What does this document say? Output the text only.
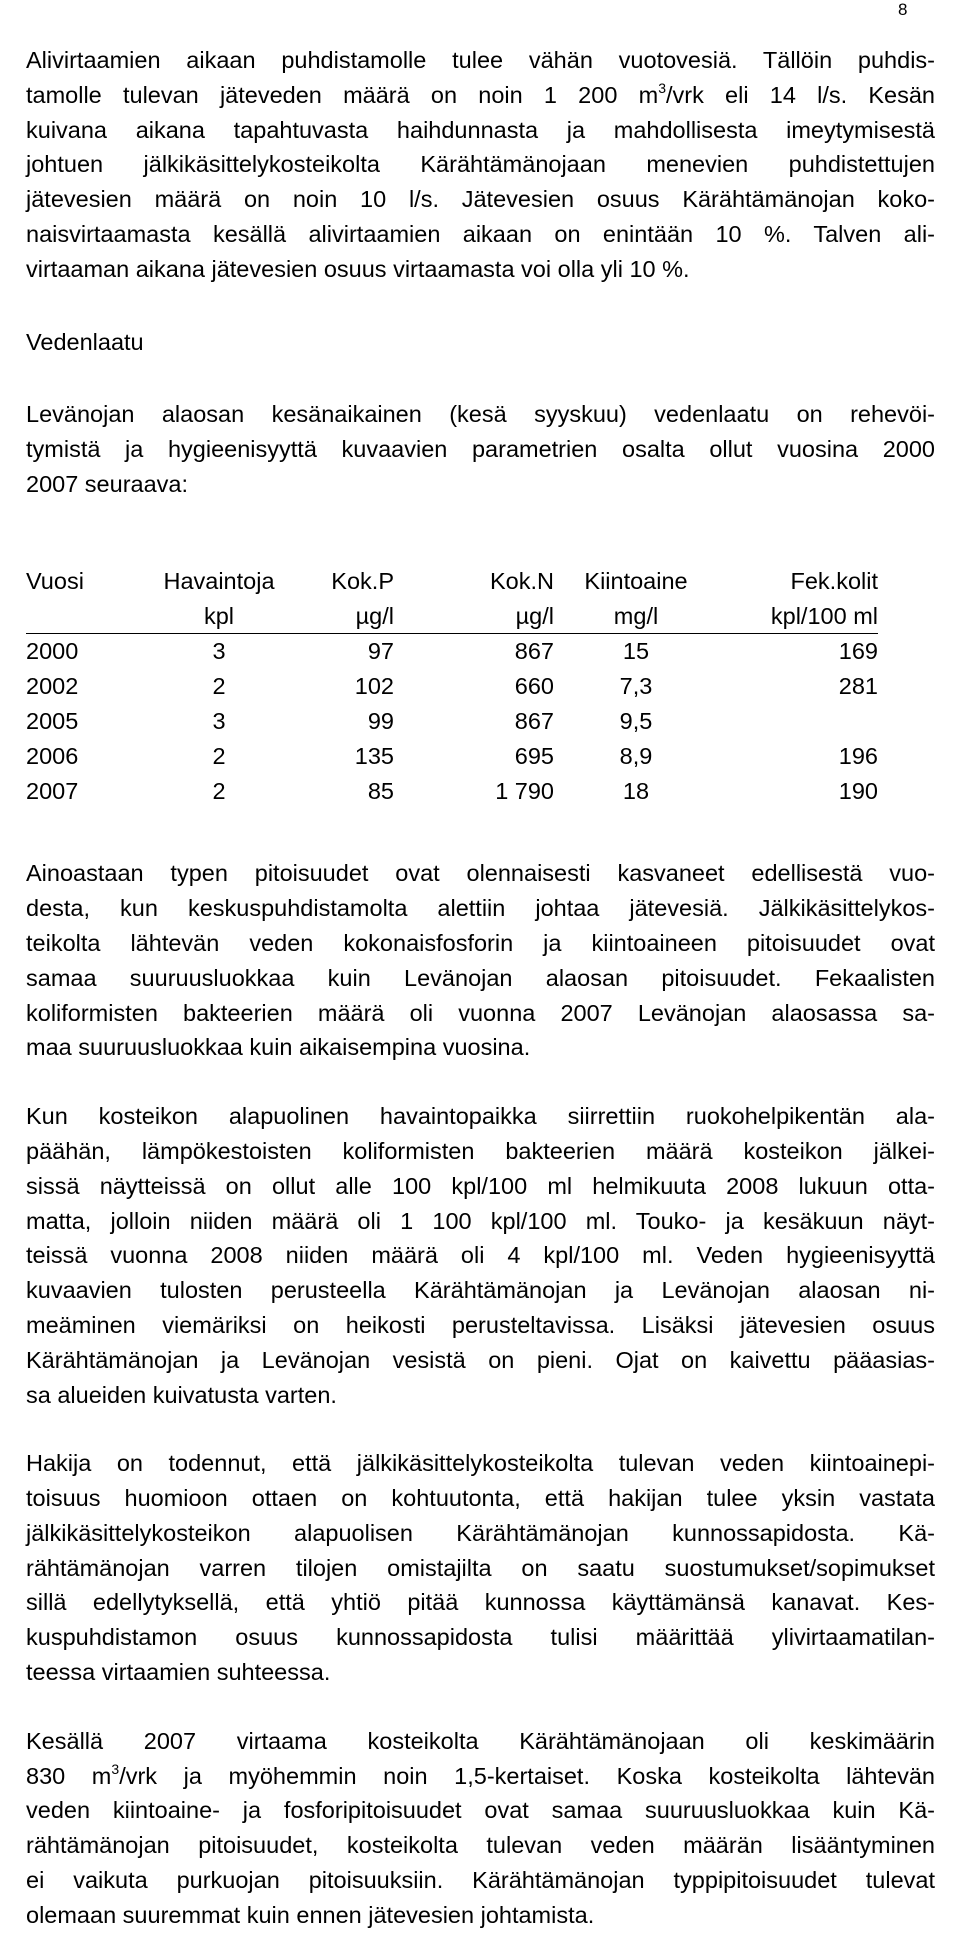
8

Alivirtaamien aikaan puhdistamolle tulee vähän vuotovesiä. Tällöin puhdis-
tamolle tulevan jäteveden määrä on noin 1 200 $m^3$/vrk eli 14 l/s. Kesän
kuivana aikana tapahtuvasta haihdunnasta ja mahdollisesta imeytymisestä
johtuen jälkikäsittelykosteikolta Kärähtämänojaan menevien puhdistettujen
jätevesien määrä on noin 10 l/s. Jätevesien osuus Kärähtämänojan koko-
naisvirtaamasta kesällä alivirtaamien aikaan on enintään 10 %. Talven ali-
virtaaman aikana jätevesien osuus virtaamasta voi olla yli 10 %.

Vedenlaatu

Levänojan alaosan kesänaikainen (kesä syyskuu) vedenlaatu on rehevöi-
tymistä ja hygieenisyyttä kuvaavien parametrien osalta ollut vuosina 2000
2007 seuraava:

Vuosi	Havaintoja	Kok.P	Kok.N	Kiintoaine	Fek.kolit
	kpl	µg/l	µg/l	mg/l	kpl/100 ml
2000	3	97	867	15	169
2002	2	102	660	7,3	281
2005	3	99	867	9,5	
2006	2	135	695	8,9	196
2007	2	85	1 790	18	190

Ainoastaan typen pitoisuudet ovat olennaisesti kasvaneet edellisestä vuo-
desta, kun keskuspuhdistamolta alettiin johtaa jätevesiä. Jälkikäsittelykos-
teikolta lähtevän veden kokonaisfosforin ja kiintoaineen pitoisuudet ovat
samaa suuruusluokkaa kuin Levänojan alaosan pitoisuudet. Fekaalisten
koliformisten bakteerien määrä oli vuonna 2007 Levänojan alaosassa sa-
maa suuruusluokkaa kuin aikaisempina vuosina.

Kun kosteikon alapuolinen havaintopaikka siirrettiin ruokohelpikentän ala-
päähän, lämpökestoisten koliformisten bakteerien määrä kosteikon jälkei-
sissä näytteissä on ollut alle 100 kpl/100 ml helmikuuta 2008 lukuun otta-
matta, jolloin niiden määrä oli 1 100 kpl/100 ml. Touko- ja kesäkuun näyt-
teissä vuonna 2008 niiden määrä oli 4 kpl/100 ml. Veden hygieenisyyttä
kuvaavien tulosten perusteella Kärähtämänojan ja Levänojan alaosan ni-
meäminen viemäriksi on heikosti perusteltavissa. Lisäksi jätevesien osuus
Kärähtämänojan ja Levänojan vesistä on pieni. Ojat on kaivettu pääasias-
sa alueiden kuivatusta varten.

Hakija on todennut, että jälkikäsittelykosteikolta tulevan veden kiintoainepi-
toisuus huomioon ottaen on kohtuutonta, että hakijan tulee yksin vastata
jälkikäsittelykosteikon alapuolisen Kärähtämänojan kunnossapidosta. Kä-
rähtämänojan varren tilojen omistajilta on saatu suostumukset/sopimukset
sillä edellytyksellä, että yhtiö pitää kunnossa käyttämänsä kanavat. Kes-
kuspuhdistamon osuus kunnossapidosta tulisi määrittää ylivirtaamatilan-
teessa virtaamien suhteessa.

Kesällä 2007 virtaama kosteikolta Kärähtämänojaan oli keskimäärin
830 $m^3$/vrk ja myöhemmin noin 1,5-kertaiset. Koska kosteikolta lähtevän
veden kiintoaine- ja fosforipitoisuudet ovat samaa suuruusluokkaa kuin Kä-
rähtämänojan pitoisuudet, kosteikolta tulevan veden määrän lisääntyminen
ei vaikuta purkuojan pitoisuuksiin. Kärähtämänojan typpipitoisuudet tulevat
olemaan suuremmat kuin ennen jätevesien johtamista.
